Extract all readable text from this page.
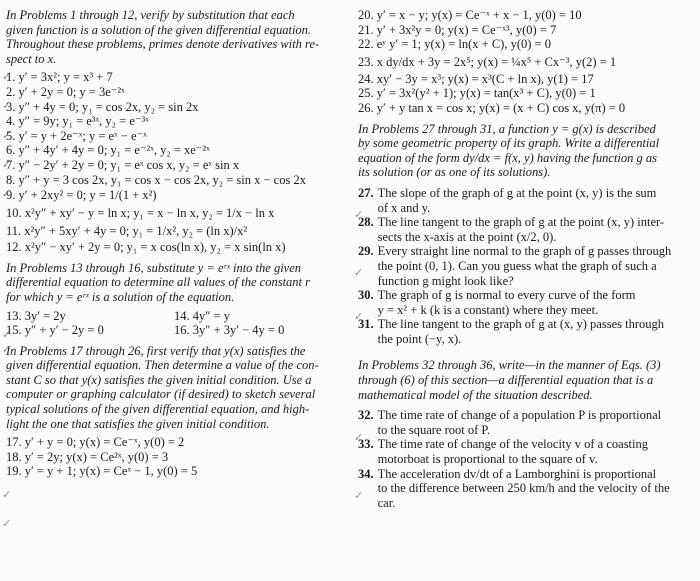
In Problems 1 through 12, verify by substitution that each
given function is a solution of the given differential equation.
Throughout these problems, primes denote derivatives with re-
spect to x.
1. y′ = 3x²; y = x³ + 7
2. y′ + 2y = 0; y = 3e⁻²ˣ
3. y″ + 4y = 0; y₁ = cos 2x, y₂ = sin 2x
4. y″ = 9y; y₁ = e³ˣ, y₂ = e⁻³ˣ
5. y′ = y + 2e⁻ˣ; y = eˣ − e⁻ˣ
6. y″ + 4y′ + 4y = 0; y₁ = e⁻²ˣ, y₂ = xe⁻²ˣ
7. y″ − 2y′ + 2y = 0; y₁ = eˣ cos x, y₂ = eˣ sin x
8. y″ + y = 3 cos 2x, y₁ = cos x − cos 2x, y₂ = sin x − cos 2x
9. y′ + 2xy² = 0; y = 1/(1 + x²)
10. x²y″ + xy′ − y = ln x; y₁ = x − ln x, y₂ = 1/x − ln x
11. x²y″ + 5xy′ + 4y = 0; y₁ = 1/x², y₂ = (ln x)/x²
12. x²y″ − xy′ + 2y = 0; y₁ = x cos(ln x), y₂ = x sin(ln x)
In Problems 13 through 16, substitute y = eʳˣ into the given
differential equation to determine all values of the constant r
for which y = eʳˣ is a solution of the equation.
13. 3y′ = 2y	14. 4y″ = y
15. y″ + y′ − 2y = 0	16. 3y″ + 3y′ − 4y = 0
In Problems 17 through 26, first verify that y(x) satisfies the
given differential equation. Then determine a value of the con-
stant C so that y(x) satisfies the given initial condition. Use a
computer or graphing calculator (if desired) to sketch several
typical solutions of the given differential equation, and high-
light the one that satisfies the given initial condition.
17. y′ + y = 0; y(x) = Ce⁻ˣ, y(0) = 2
18. y′ = 2y; y(x) = Ce²ˣ, y(0) = 3
19. y′ = y + 1; y(x) = Ceˣ − 1, y(0) = 5
20. y′ = x − y; y(x) = Ce⁻ˣ + x − 1, y(0) = 10
21. y′ + 3x²y = 0; y(x) = Ce⁻ˣ³, y(0) = 7
22. eʸ y′ = 1; y(x) = ln(x + C), y(0) = 0
23. x dy/dx + 3y = 2x⁵; y(x) = ¼x⁵ + Cx⁻³, y(2) = 1
24. xy′ − 3y = x³; y(x) = x³(C + ln x), y(1) = 17
25. y′ = 3x²(y² + 1); y(x) = tan(x³ + C), y(0) = 1
26. y′ + y tan x = cos x; y(x) = (x + C) cos x, y(π) = 0
In Problems 27 through 31, a function y = g(x) is described
by some geometric property of its graph. Write a differential
equation of the form dy/dx = f(x, y) having the function g as
its solution (or as one of its solutions).
27. The slope of the graph of g at the point (x, y) is the sum
of x and y.
28. The line tangent to the graph of g at the point (x, y) inter-
sects the x-axis at the point (x/2, 0).
29. Every straight line normal to the graph of g passes through
the point (0, 1). Can you guess what the graph of such a
function g might look like?
30. The graph of g is normal to every curve of the form
y = x² + k (k is a constant) where they meet.
31. The line tangent to the graph of g at (x, y) passes through
the point (−y, x).
In Problems 32 through 36, write—in the manner of Eqs. (3)
through (6) of this section—a differential equation that is a
mathematical model of the situation described.
32. The time rate of change of a population P is proportional
to the square root of P.
33. The time rate of change of the velocity v of a coasting
motorboat is proportional to the square of v.
34. The acceleration dv/dt of a Lamborghini is proportional
to the difference between 250 km/h and the velocity of the
car.
✓
✓
✓
✓
✓
✓
✓
✓
✓
✓
✓
✓
✓
✓
